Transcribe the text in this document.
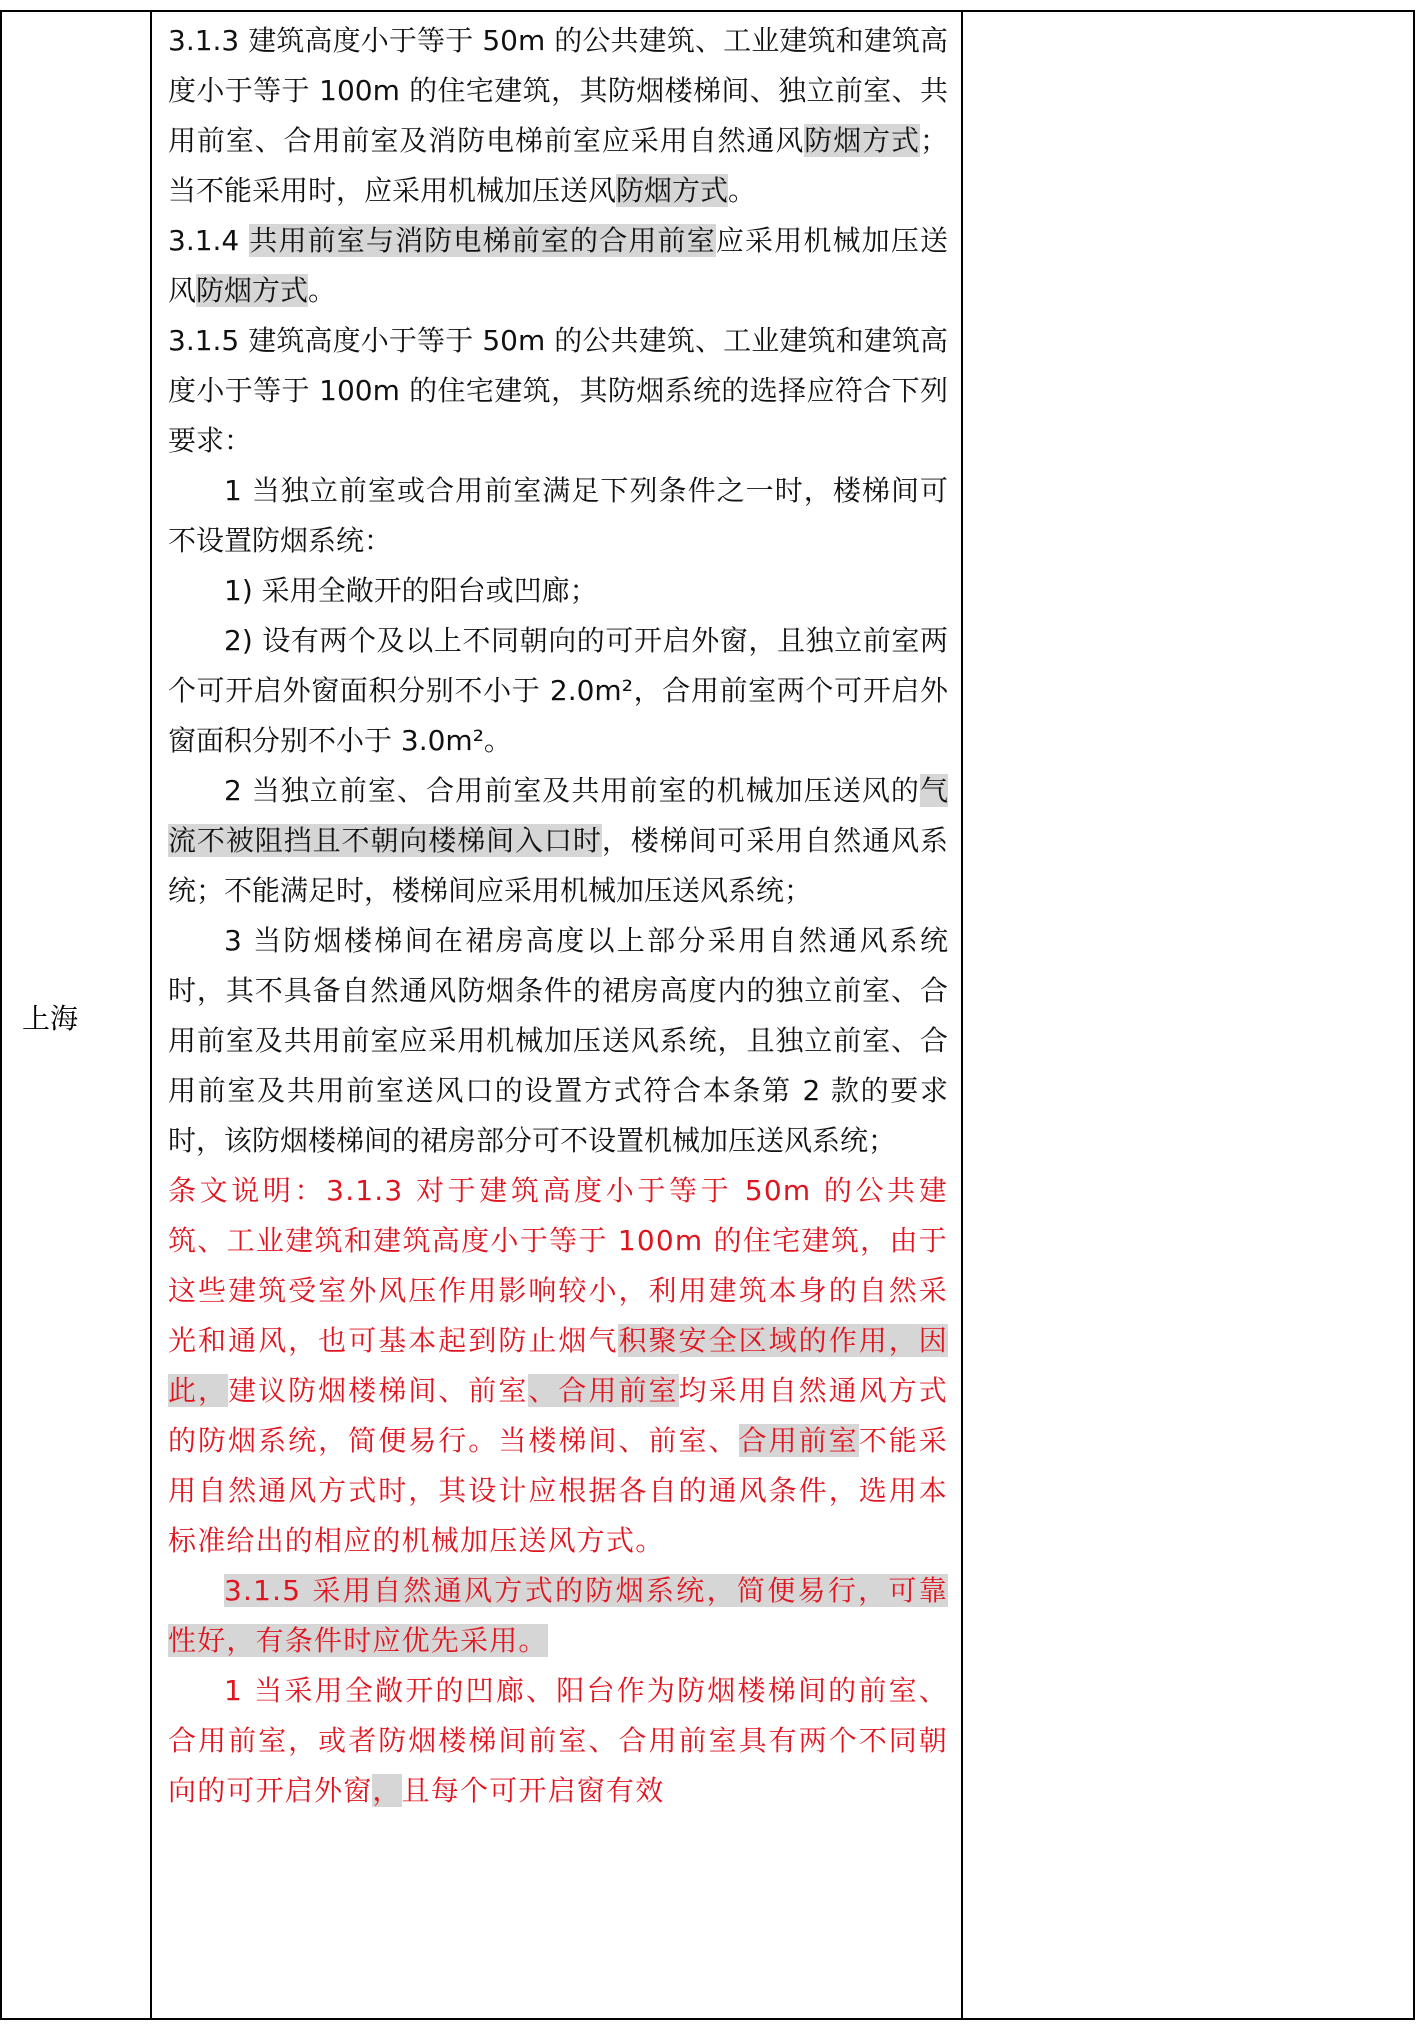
上海

3.1.3 建筑高度小于等于 50m 的公共建筑、工业建筑和建筑高度小于等于 100m 的住宅建筑，其防烟楼梯间、独立前室、共用前室、合用前室及消防电梯前室应采用自然通风防烟方式；当不能采用时，应采用机械加压送风防烟方式。

3.1.4 共用前室与消防电梯前室的合用前室应采用机械加压送风防烟方式。

3.1.5 建筑高度小于等于 50m 的公共建筑、工业建筑和建筑高度小于等于 100m 的住宅建筑，其防烟系统的选择应符合下列要求：

1 当独立前室或合用前室满足下列条件之一时，楼梯间可不设置防烟系统：

1) 采用全敞开的阳台或凹廊；

2) 设有两个及以上不同朝向的可开启外窗，且独立前室两个可开启外窗面积分别不小于 2.0m²，合用前室两个可开启外窗面积分别不小于 3.0m²。

2 当独立前室、合用前室及共用前室的机械加压送风的气流不被阻挡且不朝向楼梯间入口时，楼梯间可采用自然通风系统；不能满足时，楼梯间应采用机械加压送风系统；

3 当防烟楼梯间在裙房高度以上部分采用自然通风系统时，其不具备自然通风防烟条件的裙房高度内的独立前室、合用前室及共用前室应采用机械加压送风系统，且独立前室、合用前室及共用前室送风口的设置方式符合本条第 2 款的要求时，该防烟楼梯间的裙房部分可不设置机械加压送风系统；

条文说明：3.1.3 对于建筑高度小于等于 50m 的公共建筑、工业建筑和建筑高度小于等于 100m 的住宅建筑，由于这些建筑受室外风压作用影响较小，利用建筑本身的自然采光和通风，也可基本起到防止烟气积聚安全区域的作用，因此，建议防烟楼梯间、前室、合用前室均采用自然通风方式的防烟系统，简便易行。当楼梯间、前室、合用前室不能采用自然通风方式时，其设计应根据各自的通风条件，选用本标准给出的相应的机械加压送风方式。

3.1.5 采用自然通风方式的防烟系统，简便易行，可靠性好，有条件时应优先采用。

1 当采用全敞开的凹廊、阳台作为防烟楼梯间的前室、合用前室，或者防烟楼梯间前室、合用前室具有两个不同朝向的可开启外窗，且每个可开启窗有效
